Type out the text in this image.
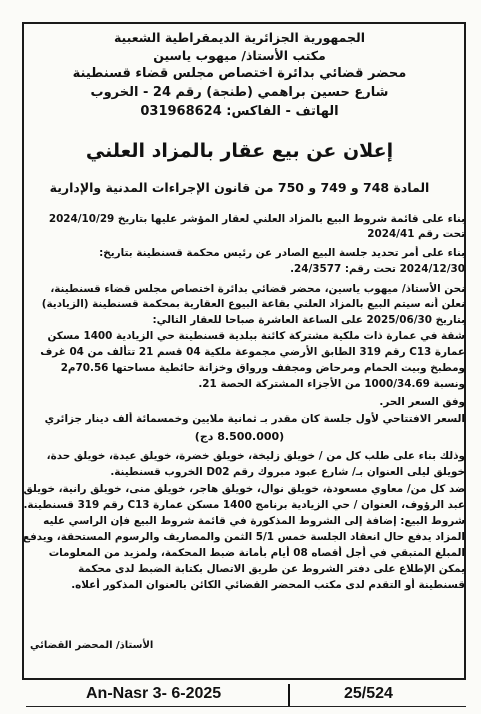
الجمهورية الجزائرية الديمقراطية الشعبية
مكتب الأستاذ/ ميهوب ياسين
محضر قضائي بدائرة اختصاص مجلس قضاء قسنطينة
شارع حسين براهمي (طنجة) رقم 24 - الخروب
الهاتف - الفاكس: 031968624
إعلان عن بيع عقار بالمزاد العلني
المادة 748 و 749 و 750 من قانون الإجراءات المدنية والإدارية
بناء على قائمة شروط البيع بالمزاد العلني لعقار المؤشر عليها بتاريخ 2024/10/29
تحت رقم 2024/41
بناء على أمر تحديد جلسة البيع الصادر عن رئيس محكمة قسنطينة بتاريخ:
2024/12/30 تحت رقم: 24/3577.
نحن الأستاذ/ ميهوب ياسين، محضر قضائي بدائرة اختصاص مجلس قضاء قسنطينة،
نعلن أنه سيتم البيع بالمزاد العلني بقاعة البيوع العقارية بمحكمة قسنطينة (الزيادية)
بتاريخ 2025/06/30 على الساعة العاشرة صباحا للعقار التالي:
شقة في عمارة ذات ملكية مشتركة كائنة ببلدية قسنطينة حي الزيادية 1400 مسكن
عمارة C13 رقم 319 الطابق الأرضي مجموعة ملكية 04 قسم 21 تتألف من 04 غرف
ومطبخ وبيت الحمام ومرحاض ومجفف ورواق وخزانة حائطية مساحتها 70.56م2
ونسبة 1000/34.69 من الأجزاء المشتركة الحصة 21.
وفق السعر الحر.
السعر الافتتاحي لأول جلسة كان مقدر بـ ثمانية ملايين وخمسمائة ألف دينار جزائري
(8.500.000 دج)
وذلك بناء على طلب كل من / خويلق زليخة، خويلق خضرة، خويلق عيدة، خويلق حدة،
خويلق ليلى العنوان بـ/ شارع عبود مبروك رقم D02 الخروب قسنطينة.
ضد كل من/ معاوي مسعودة، خويلق نوال، خويلق هاجر، خويلق منى، خويلق رانية، خويلق
عبد الرؤوف، العنوان / حي الزيادية برنامج 1400 مسكن عمارة C13 رقم 319 قسنطينة.
شروط البيع: إضافة إلى الشروط المذكورة في قائمة شروط البيع فإن الراسي عليه
المزاد يدفع حال انعقاد الجلسة خمس 5/1 الثمن والمصاريف والرسوم المستحقة، ويدفع
المبلغ المتبقي في أجل أقصاه 08 أيام بأمانة ضبط المحكمة، ولمزيد من المعلومات
يمكن الإطلاع على دفتر الشروط عن طريق الاتصال بكتابة الضبط لدى محكمة
قسنطينة أو التقدم لدى مكتب المحضر القضائي الكائن بالعنوان المذكور أعلاه.
الأستاذ/ المحضر القضائي
An-Nasr 3- 6-2025	25/524
